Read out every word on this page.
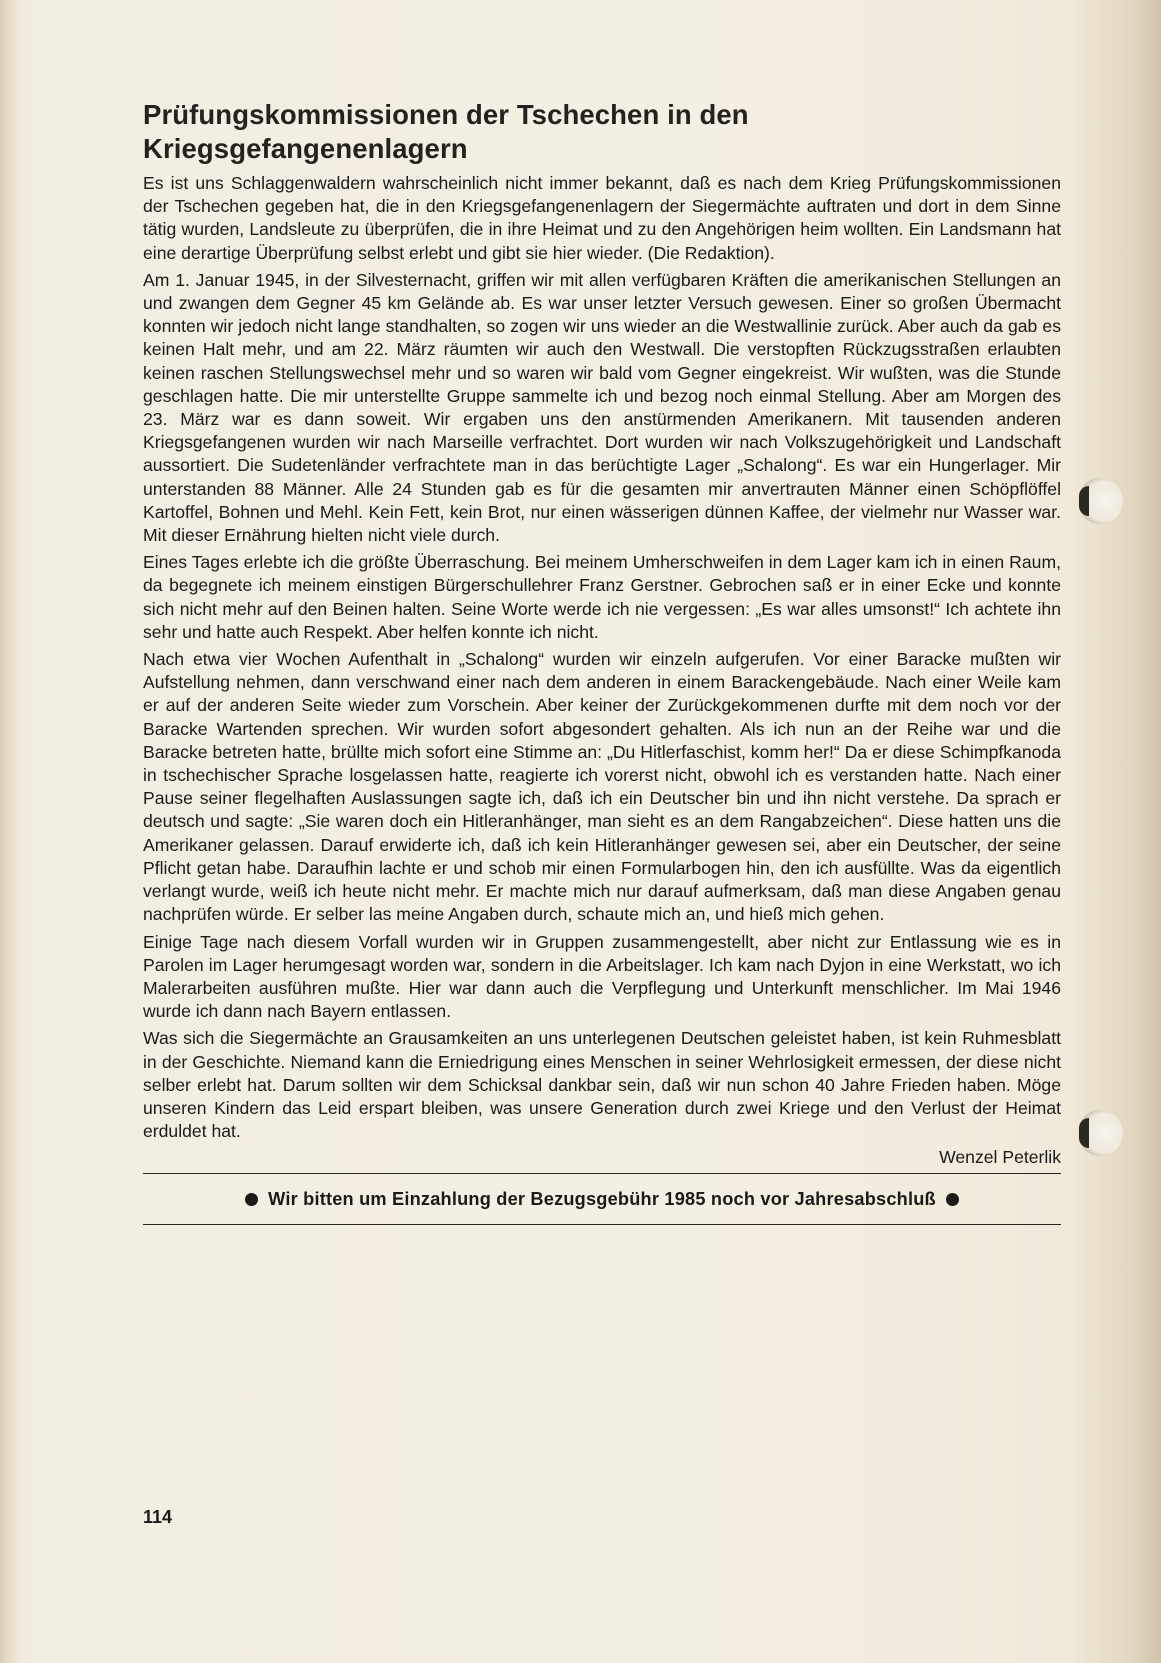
Prüfungskommissionen der Tschechen in den
Kriegsgefangenenlagern

Es ist uns Schlaggenwaldern wahrscheinlich nicht immer bekannt, daß es nach dem Krieg Prüfungskommissionen der Tschechen gegeben hat, die in den Kriegsgefangenenlagern der Siegermächte auftraten und dort in dem Sinne tätig wurden, Landsleute zu überprüfen, die in ihre Heimat und zu den Angehörigen heim wollten. Ein Landsmann hat eine derartige Überprüfung selbst erlebt und gibt sie hier wieder. (Die Redaktion).

Am 1. Januar 1945, in der Silvesternacht, griffen wir mit allen verfügbaren Kräften die amerikanischen Stellungen an und zwangen dem Gegner 45 km Gelände ab. Es war unser letzter Versuch gewesen. Einer so großen Übermacht konnten wir jedoch nicht lange standhalten, so zogen wir uns wieder an die Westwallinie zurück. Aber auch da gab es keinen Halt mehr, und am 22. März räumten wir auch den Westwall. Die verstopften Rückzugsstraßen erlaubten keinen raschen Stellungswechsel mehr und so waren wir bald vom Gegner eingekreist. Wir wußten, was die Stunde geschlagen hatte. Die mir unterstellte Gruppe sammelte ich und bezog noch einmal Stellung. Aber am Morgen des 23. März war es dann soweit. Wir ergaben uns den anstürmenden Amerikanern. Mit tausenden anderen Kriegsgefangenen wurden wir nach Marseille verfrachtet. Dort wurden wir nach Volkszugehörigkeit und Landschaft aussortiert. Die Sudetenländer verfrachtete man in das berüchtigte Lager „Schalong“. Es war ein Hungerlager. Mir unterstanden 88 Männer. Alle 24 Stunden gab es für die gesamten mir anvertrauten Männer einen Schöpflöffel Kartoffel, Bohnen und Mehl. Kein Fett, kein Brot, nur einen wässerigen dünnen Kaffee, der vielmehr nur Wasser war. Mit dieser Ernährung hielten nicht viele durch.

Eines Tages erlebte ich die größte Überraschung. Bei meinem Umherschweifen in dem Lager kam ich in einen Raum, da begegnete ich meinem einstigen Bürgerschullehrer Franz Gerstner. Gebrochen saß er in einer Ecke und konnte sich nicht mehr auf den Beinen halten. Seine Worte werde ich nie vergessen: „Es war alles umsonst!“ Ich achtete ihn sehr und hatte auch Respekt. Aber helfen konnte ich nicht.

Nach etwa vier Wochen Aufenthalt in „Schalong“ wurden wir einzeln aufgerufen. Vor einer Baracke mußten wir Aufstellung nehmen, dann verschwand einer nach dem anderen in einem Barackengebäude. Nach einer Weile kam er auf der anderen Seite wieder zum Vorschein. Aber keiner der Zurückgekommenen durfte mit dem noch vor der Baracke Wartenden sprechen. Wir wurden sofort abgesondert gehalten. Als ich nun an der Reihe war und die Baracke betreten hatte, brüllte mich sofort eine Stimme an: „Du Hitlerfaschist, komm her!“ Da er diese Schimpfkanoda in tschechischer Sprache losgelassen hatte, reagierte ich vorerst nicht, obwohl ich es verstanden hatte. Nach einer Pause seiner flegelhaften Auslassungen sagte ich, daß ich ein Deutscher bin und ihn nicht verstehe. Da sprach er deutsch und sagte: „Sie waren doch ein Hitleranhänger, man sieht es an dem Rangabzeichen“. Diese hatten uns die Amerikaner gelassen. Darauf erwiderte ich, daß ich kein Hitleranhänger gewesen sei, aber ein Deutscher, der seine Pflicht getan habe. Daraufhin lachte er und schob mir einen Formularbogen hin, den ich ausfüllte. Was da eigentlich verlangt wurde, weiß ich heute nicht mehr. Er machte mich nur darauf aufmerksam, daß man diese Angaben genau nachprüfen würde. Er selber las meine Angaben durch, schaute mich an, und hieß mich gehen.

Einige Tage nach diesem Vorfall wurden wir in Gruppen zusammengestellt, aber nicht zur Entlassung wie es in Parolen im Lager herumgesagt worden war, sondern in die Arbeitslager. Ich kam nach Dyjon in eine Werkstatt, wo ich Malerarbeiten ausführen mußte. Hier war dann auch die Verpflegung und Unterkunft menschlicher. Im Mai 1946 wurde ich dann nach Bayern entlassen.

Was sich die Siegermächte an Grausamkeiten an uns unterlegenen Deutschen geleistet haben, ist kein Ruhmesblatt in der Geschichte. Niemand kann die Erniedrigung eines Menschen in seiner Wehrlosigkeit ermessen, der diese nicht selber erlebt hat. Darum sollten wir dem Schicksal dankbar sein, daß wir nun schon 40 Jahre Frieden haben. Möge unseren Kindern das Leid erspart bleiben, was unsere Generation durch zwei Kriege und den Verlust der Heimat erduldet hat.

Wenzel Peterlik
Wir bitten um Einzahlung der Bezugsgebühr 1985 noch vor Jahresabschluß
114
